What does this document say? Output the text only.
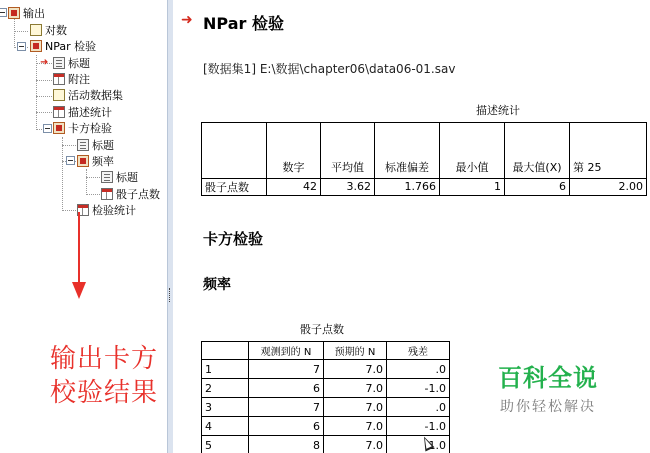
输出
对数
NPar 检验
➜ 标题
附注
活动数据集
描述统计
卡方检验
标题
频率
标题
骰子点数
检验统计
输出卡方
校验结果
➜ NPar 检验
[数据集1] E:\数据\chapter06\data06-01.sav
描述统计
	数字	平均值	标准偏差	最小值	最大值(X)	第 25
骰子点数	42	3.62	1.766	1	6	2.00
卡方检验
频率
骰子点数
	观测到的 N	预期的 N	残差
1	7	7.0	.0
2	6	7.0	-1.0
3	7	7.0	.0
4	6	7.0	-1.0
5	8	7.0	1.0
百科全说
助你轻松解决
